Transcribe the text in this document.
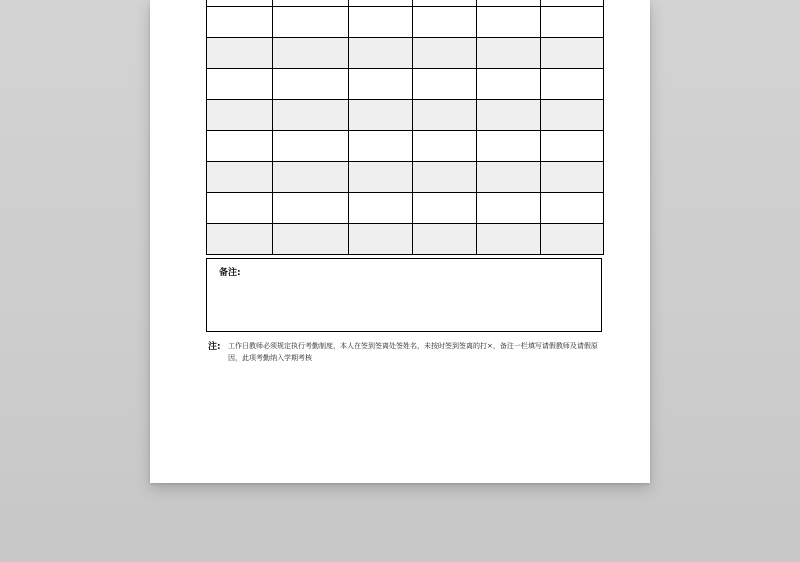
备注:
注: 工作日教师必须规定执行考勤制度，本人在签到签离处签姓名，未按时签到签离的打×，备注一栏填写请假教师及请假原因，此项考勤纳入学期考核
